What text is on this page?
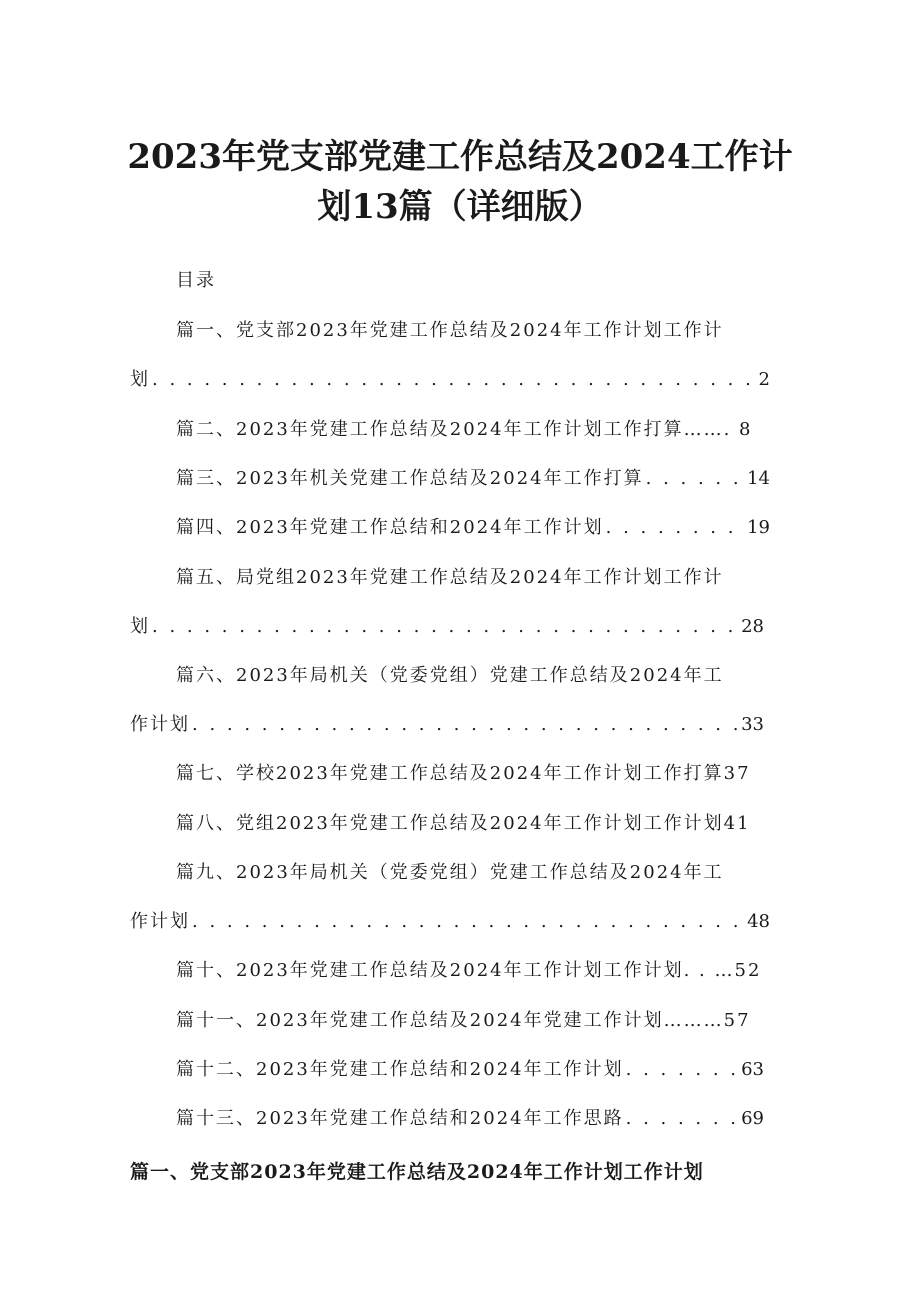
2023年党支部党建工作总结及2024工作计
划13篇（详细版）
目录
篇一、党支部2023年党建工作总结及2024年工作计划工作计
划 . . .	2
篇二、2023年党建工作总结及2024年工作计划工作打算……. 8
篇三、2023年机关党建工作总结及2024年工作打算 . . .	14
篇四、2023年党建工作总结和2024年工作计划 . . .	19
篇五、局党组2023年党建工作总结及2024年工作计划工作计
划 . . .	28
篇六、2023年局机关（党委党组）党建工作总结及2024年工
作计划 . . .	33
篇七、学校2023年党建工作总结及2024年工作计划工作打算37
篇八、党组2023年党建工作总结及2024年工作计划工作计划41
篇九、2023年局机关（党委党组）党建工作总结及2024年工
作计划 . . .	48
篇十、2023年党建工作总结及2024年工作计划工作计划. . …52
篇十一、2023年党建工作总结及2024年党建工作计划………57
篇十二、2023年党建工作总结和2024年工作计划 . . .	63
篇十三、2023年党建工作总结和2024年工作思路 . . .	69
篇一、党支部2023年党建工作总结及2024年工作计划工作计划
